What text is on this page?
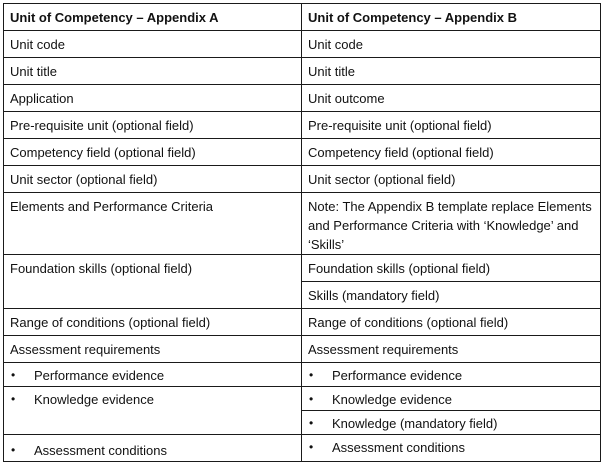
Unit of Competency – Appendix A	Unit of Competency – Appendix B
Unit code	Unit code
Unit title	Unit title
Application	Unit outcome
Pre-requisite unit (optional field)	Pre-requisite unit (optional field)
Competency field (optional field)	Competency field (optional field)
Unit sector (optional field)	Unit sector (optional field)
Elements and Performance Criteria	Note: The Appendix B template replace Elements and Performance Criteria with ‘Knowledge’ and ‘Skills’
Foundation skills (optional field)	Foundation skills (optional field)
	Skills (mandatory field)
Range of conditions (optional field)	Range of conditions (optional field)
Assessment requirements	Assessment requirements

• Performance evidence	• Performance evidence

• Knowledge evidence	• Knowledge evidence

	• Knowledge (mandatory field)

• Assessment conditions	• Assessment conditions
